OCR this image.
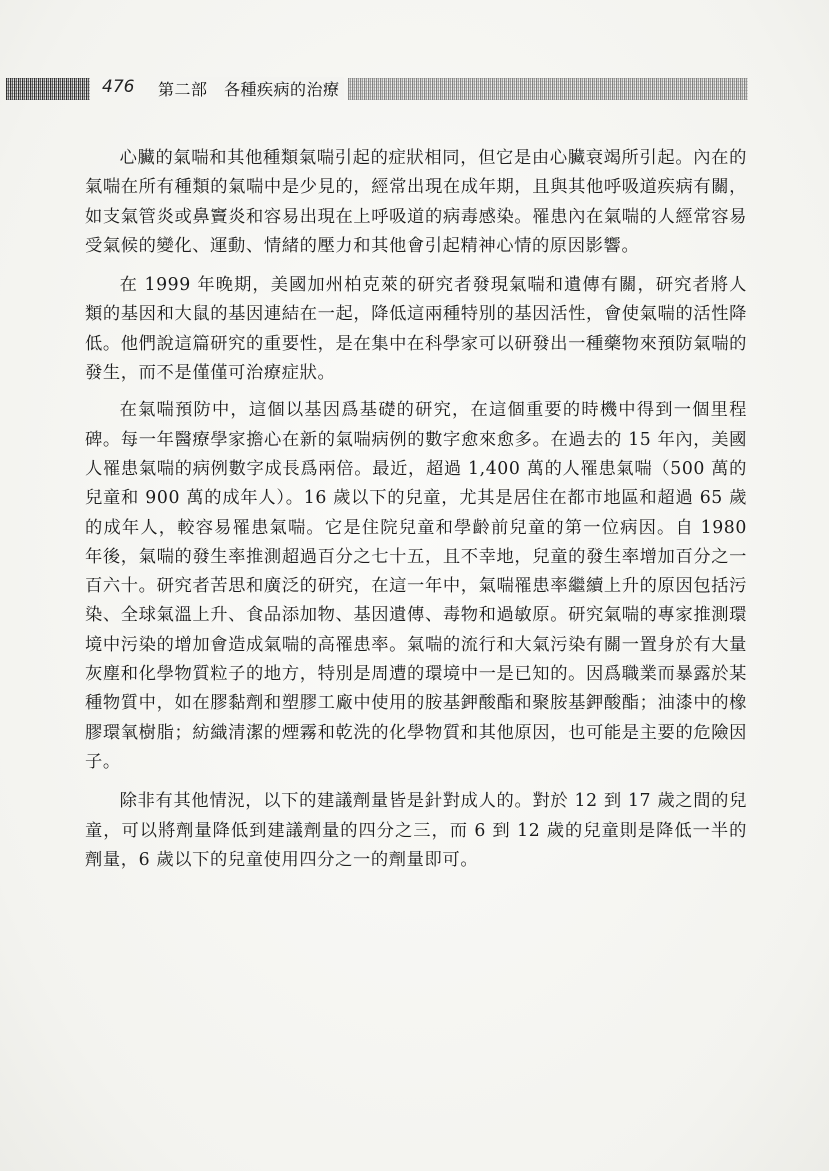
476 第二部　各種疾病的治療

心臟的氣喘和其他種類氣喘引起的症狀相同，但它是由心臟衰竭所引起。內在的氣喘在所有種類的氣喘中是少見的，經常出現在成年期，且與其他呼吸道疾病有關，如支氣管炎或鼻竇炎和容易出現在上呼吸道的病毒感染。罹患內在氣喘的人經常容易受氣候的變化、運動、情緒的壓力和其他會引起精神心情的原因影響。

在 1999 年晚期，美國加州柏克萊的研究者發現氣喘和遺傳有關，研究者將人類的基因和大鼠的基因連結在一起，降低這兩種特別的基因活性，會使氣喘的活性降低。他們說這篇研究的重要性，是在集中在科學家可以研發出一種藥物來預防氣喘的發生，而不是僅僅可治療症狀。

在氣喘預防中，這個以基因爲基礎的研究，在這個重要的時機中得到一個里程碑。每一年醫療學家擔心在新的氣喘病例的數字愈來愈多。在過去的 15 年內，美國人罹患氣喘的病例數字成長爲兩倍。最近，超過 1,400 萬的人罹患氣喘（500 萬的兒童和 900 萬的成年人）。16 歲以下的兒童，尤其是居住在都市地區和超過 65 歲的成年人，較容易罹患氣喘。它是住院兒童和學齡前兒童的第一位病因。自 1980 年後，氣喘的發生率推測超過百分之七十五，且不幸地，兒童的發生率增加百分之一百六十。研究者苦思和廣泛的研究，在這一年中，氣喘罹患率繼續上升的原因包括污染、全球氣溫上升、食品添加物、基因遺傳、毒物和過敏原。研究氣喘的專家推測環境中污染的增加會造成氣喘的高罹患率。氣喘的流行和大氣污染有關一置身於有大量灰塵和化學物質粒子的地方，特別是周遭的環境中一是已知的。因爲職業而暴露於某種物質中，如在膠黏劑和塑膠工廠中使用的胺基鉀酸酯和聚胺基鉀酸酯；油漆中的橡膠環氧樹脂；紡織清潔的煙霧和乾洗的化學物質和其他原因，也可能是主要的危險因子。

除非有其他情況，以下的建議劑量皆是針對成人的。對於 12 到 17 歲之間的兒童，可以將劑量降低到建議劑量的四分之三，而 6 到 12 歲的兒童則是降低一半的劑量，6 歲以下的兒童使用四分之一的劑量即可。
